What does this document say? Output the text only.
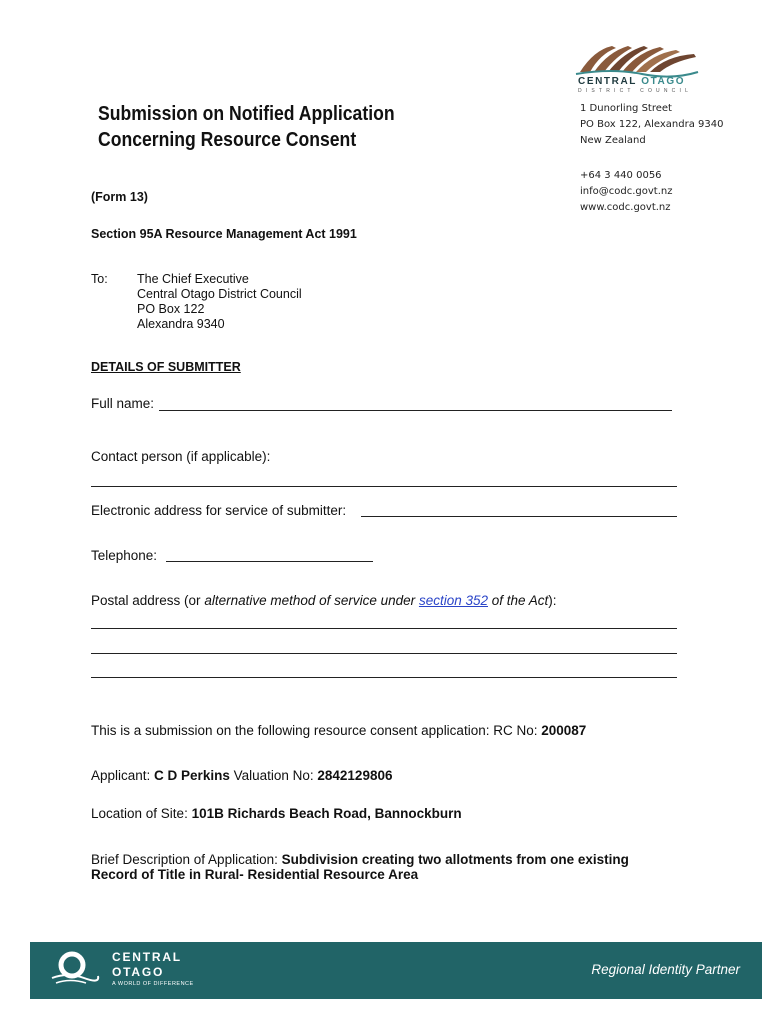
CENTRAL OTAGO
DISTRICT COUNCIL
1 Dunorling Street
PO Box 122, Alexandra 9340
New Zealand
+64 3 440 0056
info@codc.govt.nz
www.codc.govt.nz
Submission on Notified Application
Concerning Resource Consent
(Form 13)
Section 95A Resource Management Act 1991
To: The Chief Executive
Central Otago District Council
PO Box 122
Alexandra 9340
DETAILS OF SUBMITTER
Full name:
Contact person (if applicable):
Electronic address for service of submitter:
Telephone:
Postal address (or alternative method of service under section 352 of the Act):
This is a submission on the following resource consent application: RC No: 200087
Applicant: C D Perkins Valuation No: 2842129806
Location of Site: 101B Richards Beach Road, Bannockburn
Brief Description of Application: Subdivision creating two allotments from one existing
Record of Title in Rural- Residential Resource Area
CENTRAL
OTAGO
A WORLD OF DIFFERENCE
Regional Identity Partner
